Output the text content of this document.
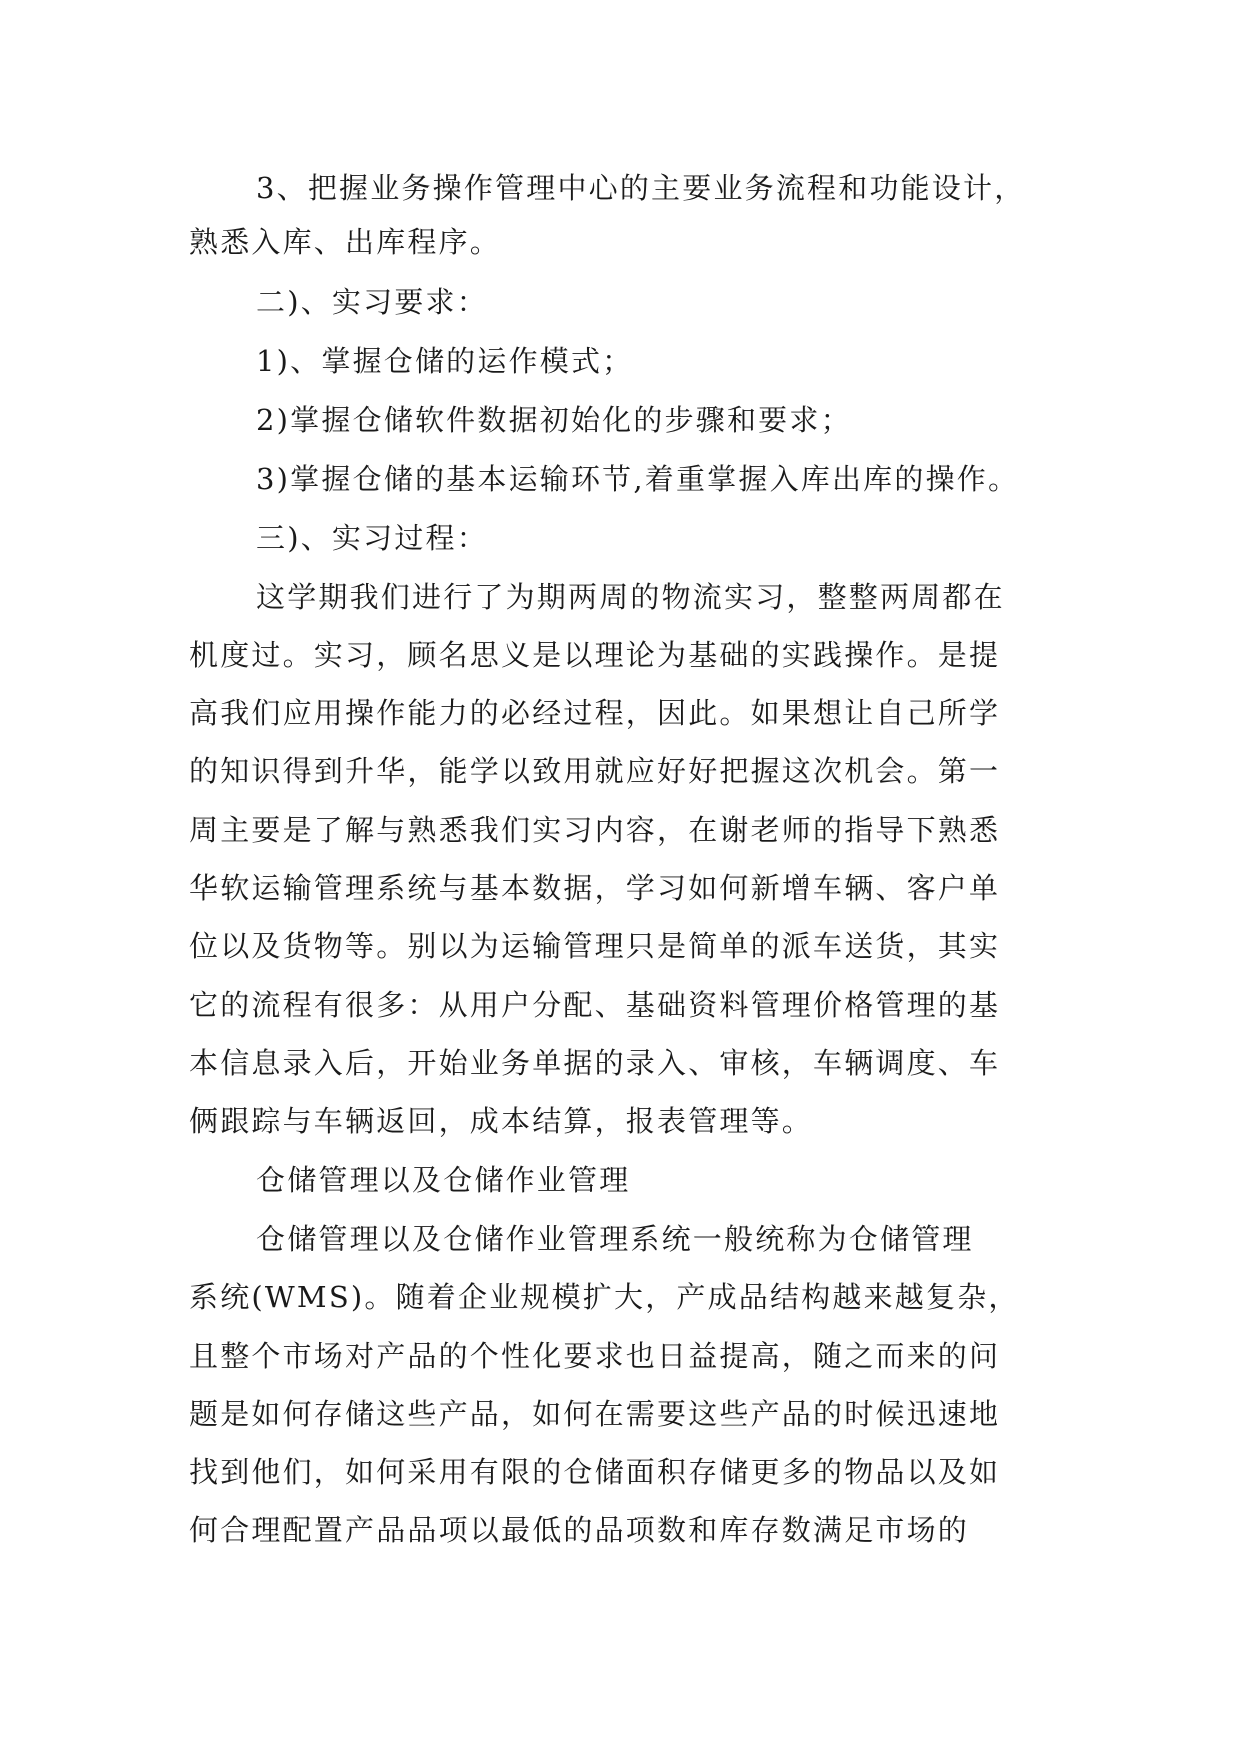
3、把握业务操作管理中心的主要业务流程和功能设计，
熟悉入库、出库程序。
二)、实习要求：
1)、掌握仓储的运作模式；
2)掌握仓储软件数据初始化的步骤和要求；
3)掌握仓储的基本运输环节,着重掌握入库出库的操作。
三)、实习过程：
这学期我们进行了为期两周的物流实习，整整两周都在
机度过。实习，顾名思义是以理论为基础的实践操作。是提
高我们应用操作能力的必经过程，因此。如果想让自己所学
的知识得到升华，能学以致用就应好好把握这次机会。第一
周主要是了解与熟悉我们实习内容，在谢老师的指导下熟悉
华软运输管理系统与基本数据，学习如何新增车辆、客户单
位以及货物等。别以为运输管理只是简单的派车送货，其实
它的流程有很多：从用户分配、基础资料管理价格管理的基
本信息录入后，开始业务单据的录入、审核，车辆调度、车
俩跟踪与车辆返回，成本结算，报表管理等。
仓储管理以及仓储作业管理
仓储管理以及仓储作业管理系统一般统称为仓储管理
系统(WMS)。随着企业规模扩大，产成品结构越来越复杂，
且整个市场对产品的个性化要求也日益提高，随之而来的问
题是如何存储这些产品，如何在需要这些产品的时候迅速地
找到他们，如何采用有限的仓储面积存储更多的物品以及如
何合理配置产品品项以最低的品项数和库存数满足市场的
